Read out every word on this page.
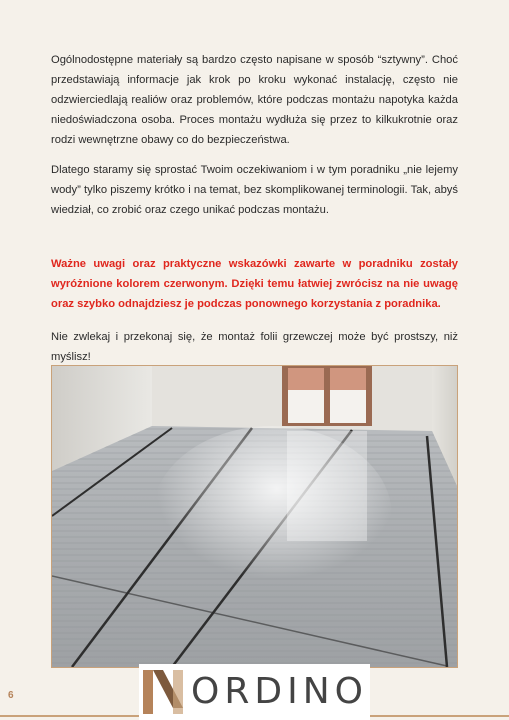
Ogólnodostępne materiały są bardzo często napisane w sposób “sztywny”. Choć przedstawiają informacje jak krok po kroku wykonać instalację, często nie odzwierciedlają realiów oraz problemów, które podczas montażu napotyka każda niedoświadczona osoba. Proces montażu wydłuża się przez to kilkukrotnie oraz rodzi wewnętrzne obawy co do bezpieczeństwa.

Dlatego staramy się sprostać Twoim oczekiwaniom i w tym poradniku „nie lejemy wody” tylko piszemy krótko i na temat, bez skomplikowanej terminologii. Tak, abyś wiedział, co zrobić oraz czego unikać podczas montażu.

Ważne uwagi oraz praktyczne wskazówki zawarte w poradniku zostały wyróżnione kolorem czerwonym. Dzięki temu łatwiej zwrócisz na nie uwagę oraz szybko odnajdziesz je podczas ponownego korzystania z poradnika.

Nie zwlekaj i przekonaj się, że montaż folii grzewczej może być prostszy, niż myślisz!

6	ORDINO
